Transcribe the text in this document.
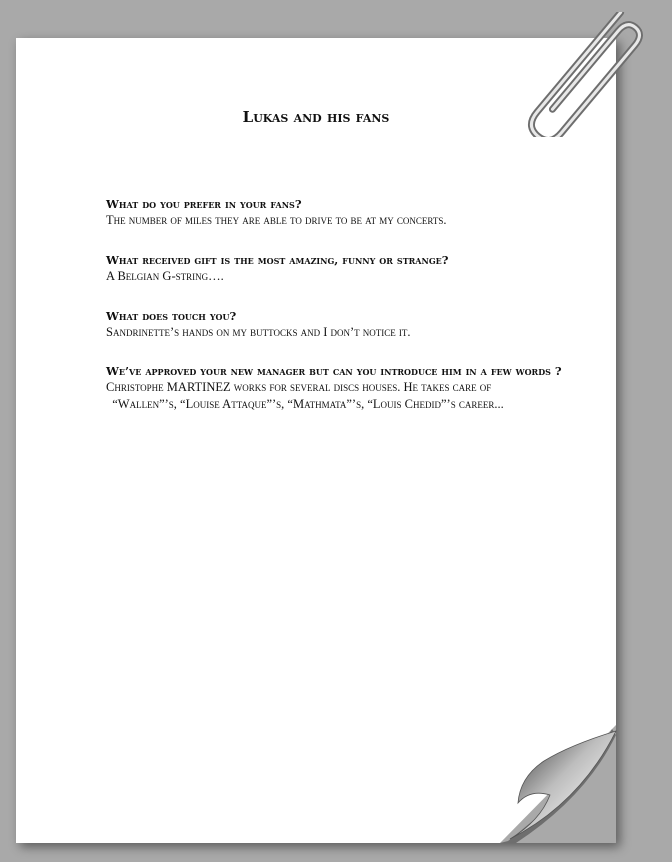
Lukas and his fans

What do you prefer in your fans?

The number of miles they are able to drive to be at my concerts.

What received gift is the most amazing, funny or strange?

A Belgian G-string….

What does touch you?

Sandrinette’s hands on my buttocks and I don’t notice it.

We’ve approved your new manager but can you introduce him in a few words ?

Christophe MARTINEZ works for several discs houses. He takes care of
“Wallen”’s, “Louise Attaque”’s, “Mathmata”’s, “Louis Chedid”’s career...
